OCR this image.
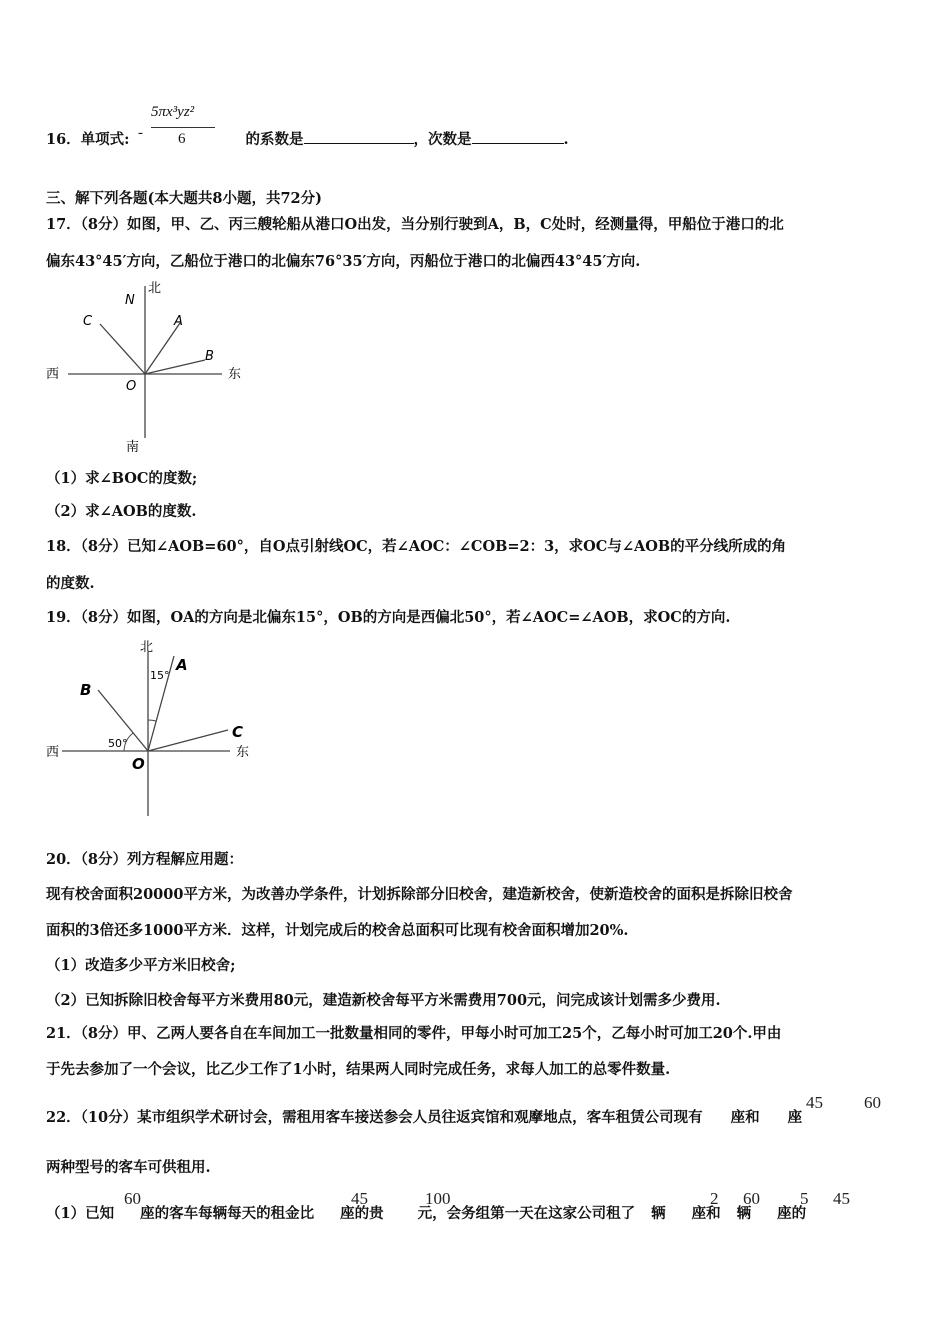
16．单项式:	的系数是	，次数是	.
-
5πx³yz²
6
三、解下列各题(本大题共8小题，共72分)
17．（8分）如图，甲、乙、丙三艘轮船从港口O出发，当分别行驶到A，B，C处时，经测量得，甲船位于港口的北
偏东43°45′方向，乙船位于港口的北偏东76°35′方向，丙船位于港口的北偏西43°45′方向.
北
N
C	A
B
西	东
O
南
（1）求∠BOC的度数;
（2）求∠AOB的度数.
18．（8分）已知∠AOB=60°，自O点引射线OC，若∠AOC：∠COB=2：3，求OC与∠AOB的平分线所成的角
的度数.
19．（8分）如图，OA的方向是北偏东15°，OB的方向是西偏北50°，若∠AOC=∠AOB，求OC的方向.
北
A
15°
B
C
50°
西	东
O
20．（8分）列方程解应用题：
现有校舍面积20000平方米，为改善办学条件，计划拆除部分旧校舍，建造新校舍，使新造校舍的面积是拆除旧校舍
面积的3倍还多1000平方米．这样，计划完成后的校舍总面积可比现有校舍面积增加20%.
（1）改造多少平方米旧校舍;
（2）已知拆除旧校舍每平方米费用80元，建造新校舍每平方米需费用700元，问完成该计划需多少费用.
21．（8分）甲、乙两人要各自在车间加工一批数量相同的零件，甲每小时可加工25个，乙每小时可加工20个.甲由
于先去参加了一个会议，比乙少工作了1小时，结果两人同时完成任务，求每人加工的总零件数量.
22．（10分）某市组织学术研讨会，需租用客车接送参会人员往返宾馆和观摩地点，客车租赁公司现有 座和 座
45 60
两种型号的客车可供租用.
（1）已知 座的客车每辆每天的租金比 座的贵 元，会务组第一天在这家公司租了 辆 座和 辆 座的
60	45	100	2 60 5 45
